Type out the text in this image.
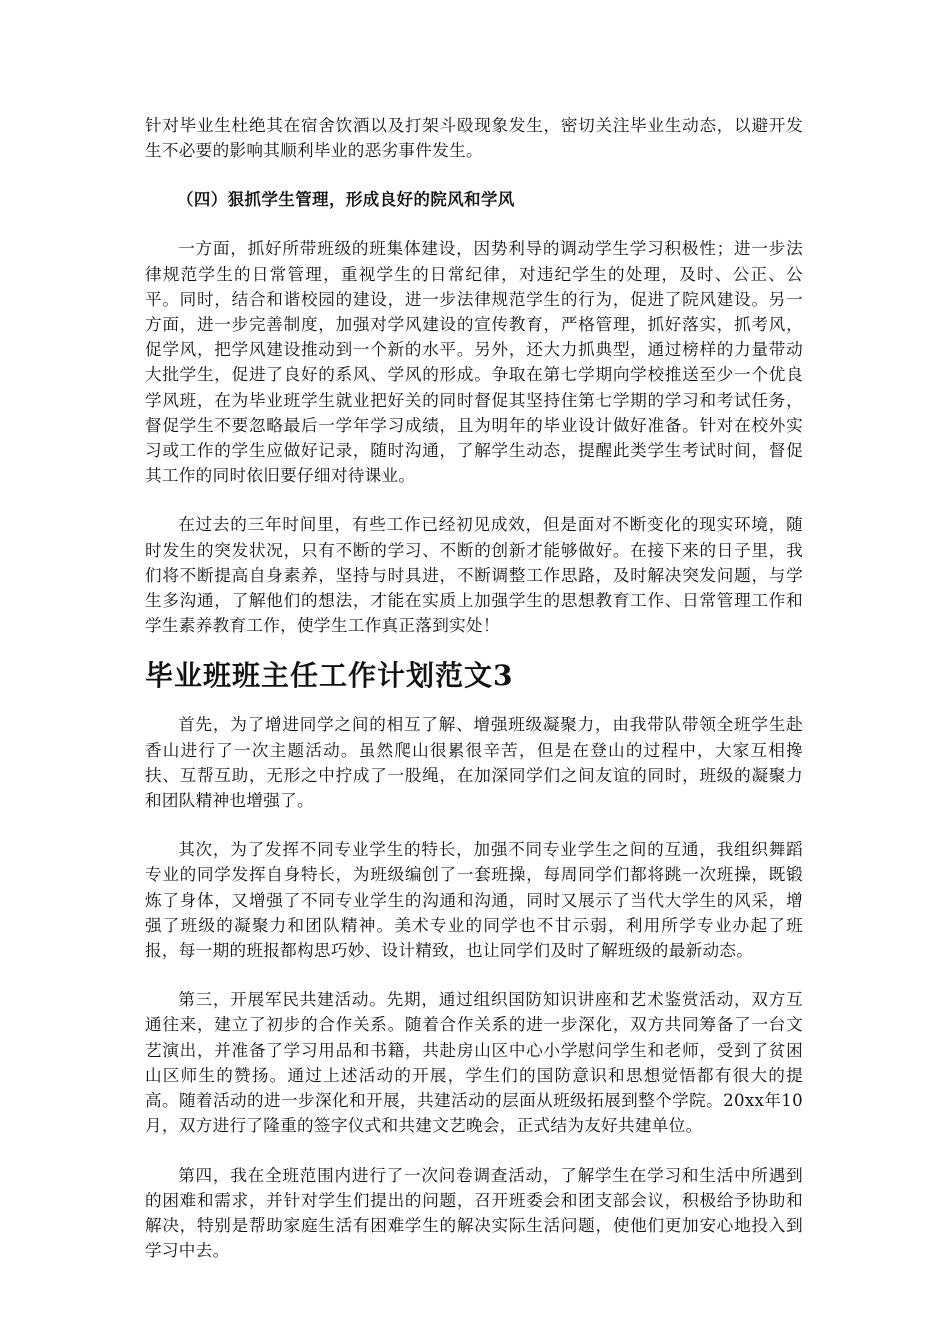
针对毕业生杜绝其在宿舍饮酒以及打架斗殴现象发生，密切关注毕业生动态，以避开发生不必要的影响其顺利毕业的恶劣事件发生。

（四）狠抓学生管理，形成良好的院风和学风

一方面，抓好所带班级的班集体建设，因势利导的调动学生学习积极性；进一步法律规范学生的日常管理，重视学生的日常纪律，对违纪学生的处理，及时、公正、公平。同时，结合和谐校园的建设，进一步法律规范学生的行为，促进了院风建设。另一方面，进一步完善制度，加强对学风建设的宣传教育，严格管理，抓好落实，抓考风，促学风，把学风建设推动到一个新的水平。另外，还大力抓典型，通过榜样的力量带动大批学生，促进了良好的系风、学风的形成。争取在第七学期向学校推送至少一个优良学风班，在为毕业班学生就业把好关的同时督促其坚持住第七学期的学习和考试任务，督促学生不要忽略最后一学年学习成绩，且为明年的毕业设计做好准备。针对在校外实习或工作的学生应做好记录，随时沟通，了解学生动态，提醒此类学生考试时间，督促其工作的同时依旧要仔细对待课业。

在过去的三年时间里，有些工作已经初见成效，但是面对不断变化的现实环境，随时发生的突发状况，只有不断的学习、不断的创新才能够做好。在接下来的日子里，我们将不断提高自身素养，坚持与时具进，不断调整工作思路，及时解决突发问题，与学生多沟通，了解他们的想法，才能在实质上加强学生的思想教育工作、日常管理工作和学生素养教育工作，使学生工作真正落到实处！

毕业班班主任工作计划范文3

首先，为了增进同学之间的相互了解、增强班级凝聚力，由我带队带领全班学生赴香山进行了一次主题活动。虽然爬山很累很辛苦，但是在登山的过程中，大家互相搀扶、互帮互助，无形之中拧成了一股绳，在加深同学们之间友谊的同时，班级的凝聚力和团队精神也增强了。

其次，为了发挥不同专业学生的特长，加强不同专业学生之间的互通，我组织舞蹈专业的同学发挥自身特长，为班级编创了一套班操，每周同学们都将跳一次班操，既锻炼了身体，又增强了不同专业学生的沟通和沟通，同时又展示了当代大学生的风采，增强了班级的凝聚力和团队精神。美术专业的同学也不甘示弱，利用所学专业办起了班报，每一期的班报都构思巧妙、设计精致，也让同学们及时了解班级的最新动态。

第三，开展军民共建活动。先期，通过组织国防知识讲座和艺术鉴赏活动，双方互通往来，建立了初步的合作关系。随着合作关系的进一步深化，双方共同筹备了一台文艺演出，并准备了学习用品和书籍，共赴房山区中心小学慰问学生和老师，受到了贫困山区师生的赞扬。通过上述活动的开展，学生们的国防意识和思想觉悟都有很大的提高。随着活动的进一步深化和开展，共建活动的层面从班级拓展到整个学院。20xx年10月，双方进行了隆重的签字仪式和共建文艺晚会，正式结为友好共建单位。

第四，我在全班范围内进行了一次问卷调查活动，了解学生在学习和生活中所遇到的困难和需求，并针对学生们提出的问题，召开班委会和团支部会议，积极给予协助和解决，特别是帮助家庭生活有困难学生的解决实际生活问题，使他们更加安心地投入到学习中去。
